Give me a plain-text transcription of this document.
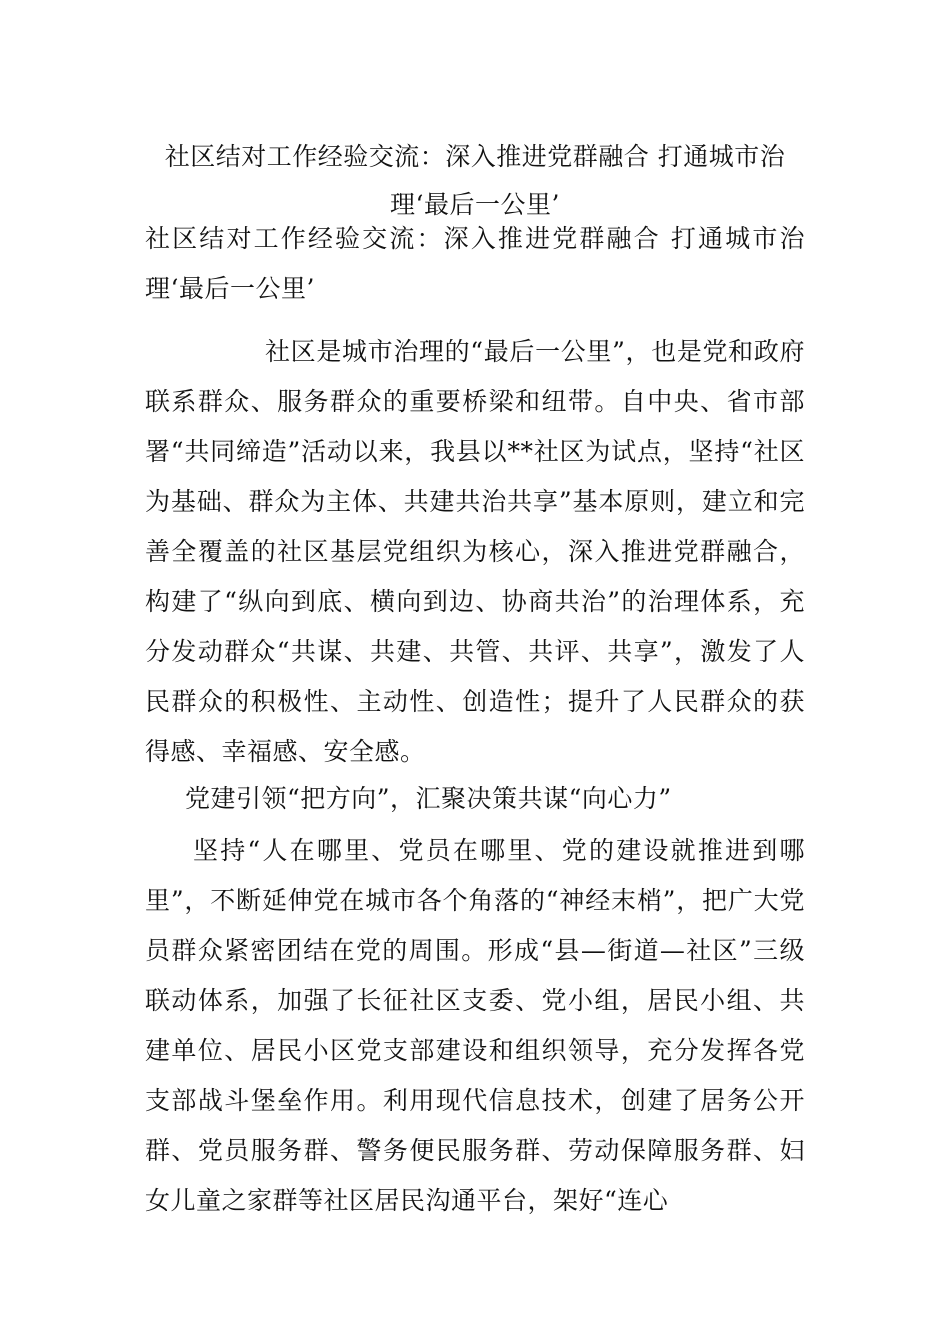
社区结对工作经验交流：深入推进党群融合 打通城市治理‘最后一公里’

社区结对工作经验交流：深入推进党群融合 打通城市治理‘最后一公里’

社区是城市治理的“最后一公里”，也是党和政府联系群众、服务群众的重要桥梁和纽带。自中央、省市部署“共同缔造”活动以来，我县以**社区为试点，坚持“社区为基础、群众为主体、共建共治共享”基本原则，建立和完善全覆盖的社区基层党组织为核心，深入推进党群融合，构建了“纵向到底、横向到边、协商共治”的治理体系，充分发动群众“共谋、共建、共管、共评、共享”，激发了人民群众的积极性、主动性、创造性；提升了人民群众的获得感、幸福感、安全感。

党建引领“把方向”，汇聚决策共谋“向心力”

坚持“人在哪里、党员在哪里、党的建设就推进到哪里”，不断延伸党在城市各个角落的“神经末梢”，把广大党员群众紧密团结在党的周围。形成“县—街道—社区”三级联动体系，加强了长征社区支委、党小组，居民小组、共建单位、居民小区党支部建设和组织领导，充分发挥各党支部战斗堡垒作用。利用现代信息技术，创建了居务公开群、党员服务群、警务便民服务群、劳动保障服务群、妇女儿童之家群等社区居民沟通平台，架好“连心
